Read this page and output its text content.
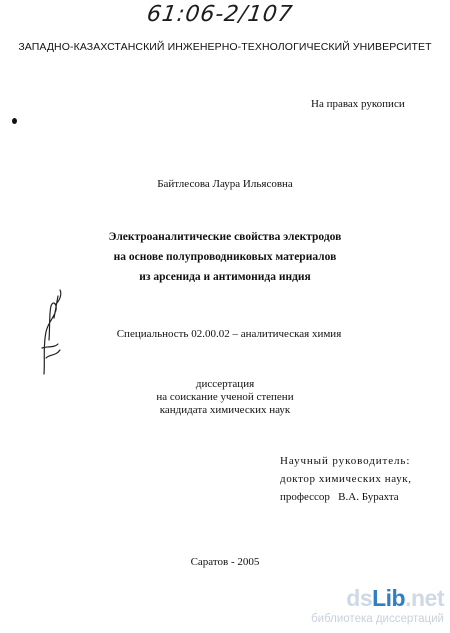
61:06-2/107
ЗАПАДНО-КАЗАХСТАНСКИЙ ИНЖЕНЕРНО-ТЕХНОЛОГИЧЕСКИЙ УНИВЕРСИТЕТ
На правах рукописи
Байтлесова Лаура Ильясовна
Электроаналитические свойства электродов
на основе полупроводниковых материалов
из арсенида и антимонида индия
Специальность 02.00.02 – аналитическая химия
диссертация
на соискание ученой степени
кандидата химических наук
Научный руководитель:
доктор химических наук,
профессор   В.А. Бурахта
Саратов - 2005
dsLib.net
библиотека диссертаций
